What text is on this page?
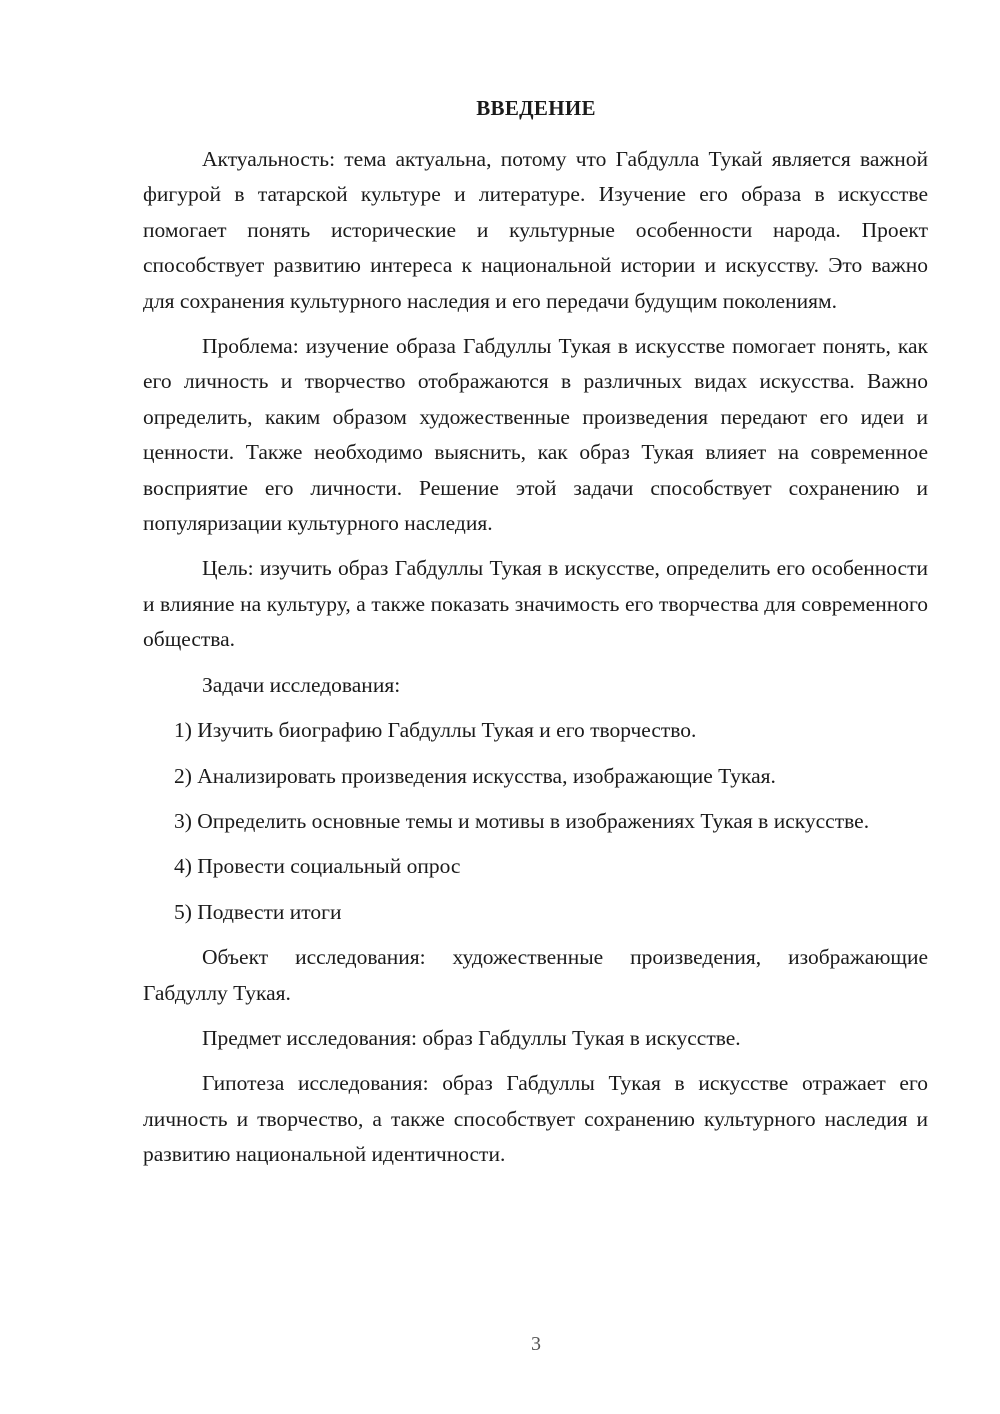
ВВЕДЕНИЕ

Актуальность: тема актуальна, потому что Габдулла Тукай является важной фигурой в татарской культуре и литературе. Изучение его образа в искусстве помогает понять исторические и культурные особенности народа. Проект способствует развитию интереса к национальной истории и искусству. Это важно для сохранения культурного наследия и его передачи будущим поколениям.

Проблема: изучение образа Габдуллы Тукая в искусстве помогает понять, как его личность и творчество отображаются в различных видах искусства. Важно определить, каким образом художественные произведения передают его идеи и ценности. Также необходимо выяснить, как образ Тукая влияет на современное восприятие его личности. Решение этой задачи способствует сохранению и популяризации культурного наследия.

Цель: изучить образ Габдуллы Тукая в искусстве, определить его особенности и влияние на культуру, а также показать значимость его творчества для современного общества.

Задачи исследования:

1) Изучить биографию Габдуллы Тукая и его творчество.

2) Анализировать произведения искусства, изображающие Тукая.

3) Определить основные темы и мотивы в изображениях Тукая в искусстве.

4) Провести социальный опрос

5) Подвести итоги

Объект исследования: художественные произведения, изображающие Габдуллу Тукая.

Предмет исследования: образ Габдуллы Тукая в искусстве.

Гипотеза исследования: образ Габдуллы Тукая в искусстве отражает его личность и творчество, а также способствует сохранению культурного наследия и развитию национальной идентичности.

3
